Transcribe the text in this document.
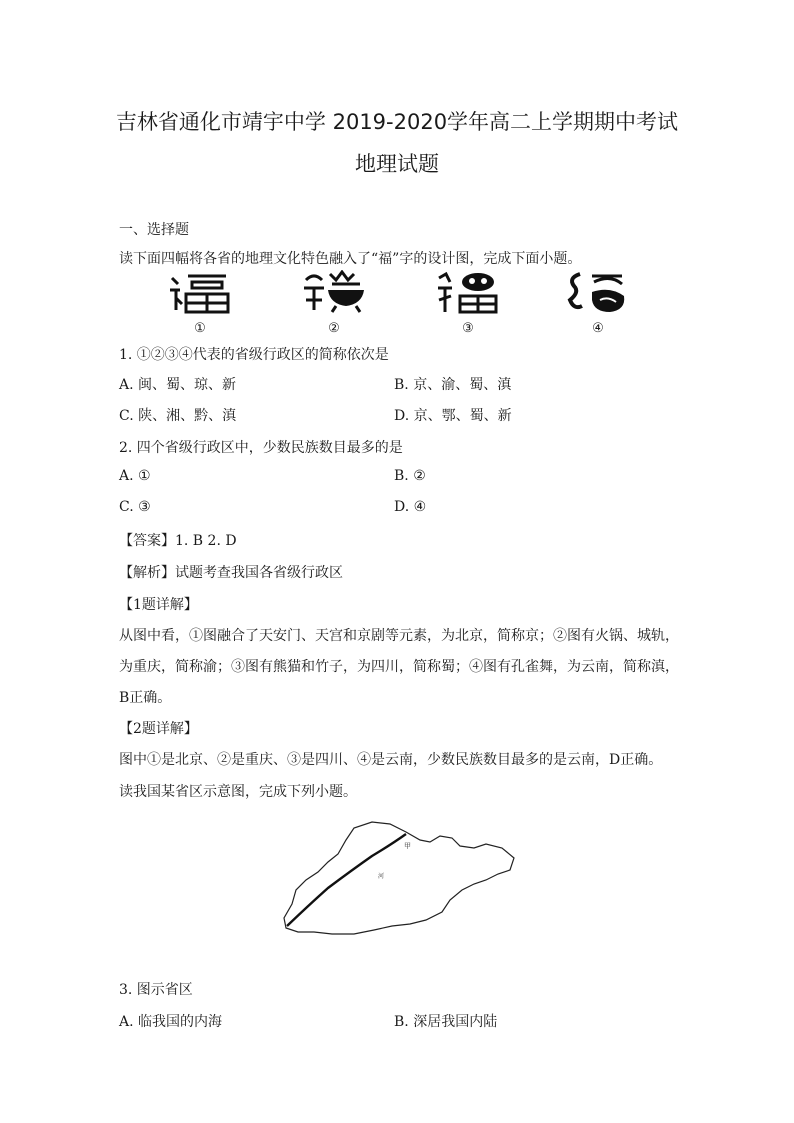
吉林省通化市靖宇中学 2019-2020学年高二上学期期中考试
地理试题
一、选择题
读下面四幅将各省的地理文化特色融入了“福”字的设计图，完成下面小题。
①	②	③	④
1. ①②③④代表的省级行政区的简称依次是
A. 闽、蜀、琼、新	B. 京、渝、蜀、滇
C. 陕、湘、黔、滇	D. 京、鄂、蜀、新
2. 四个省级行政区中，少数民族数目最多的是
A. ①	B. ②
C. ③	D. ④
【答案】1. B 2. D
【解析】试题考查我国各省级行政区
【1题详解】
从图中看，①图融合了天安门、天宫和京剧等元素，为北京，简称京；②图有火锅、城轨，
为重庆，简称渝；③图有熊猫和竹子，为四川，简称蜀；④图有孔雀舞，为云南，简称滇，
B正确。
【2题详解】
图中①是北京、②是重庆、③是四川、④是云南，少数民族数目最多的是云南，D正确。
读我国某省区示意图，完成下列小题。
甲
河
3. 图示省区
A. 临我国的内海	B. 深居我国内陆
